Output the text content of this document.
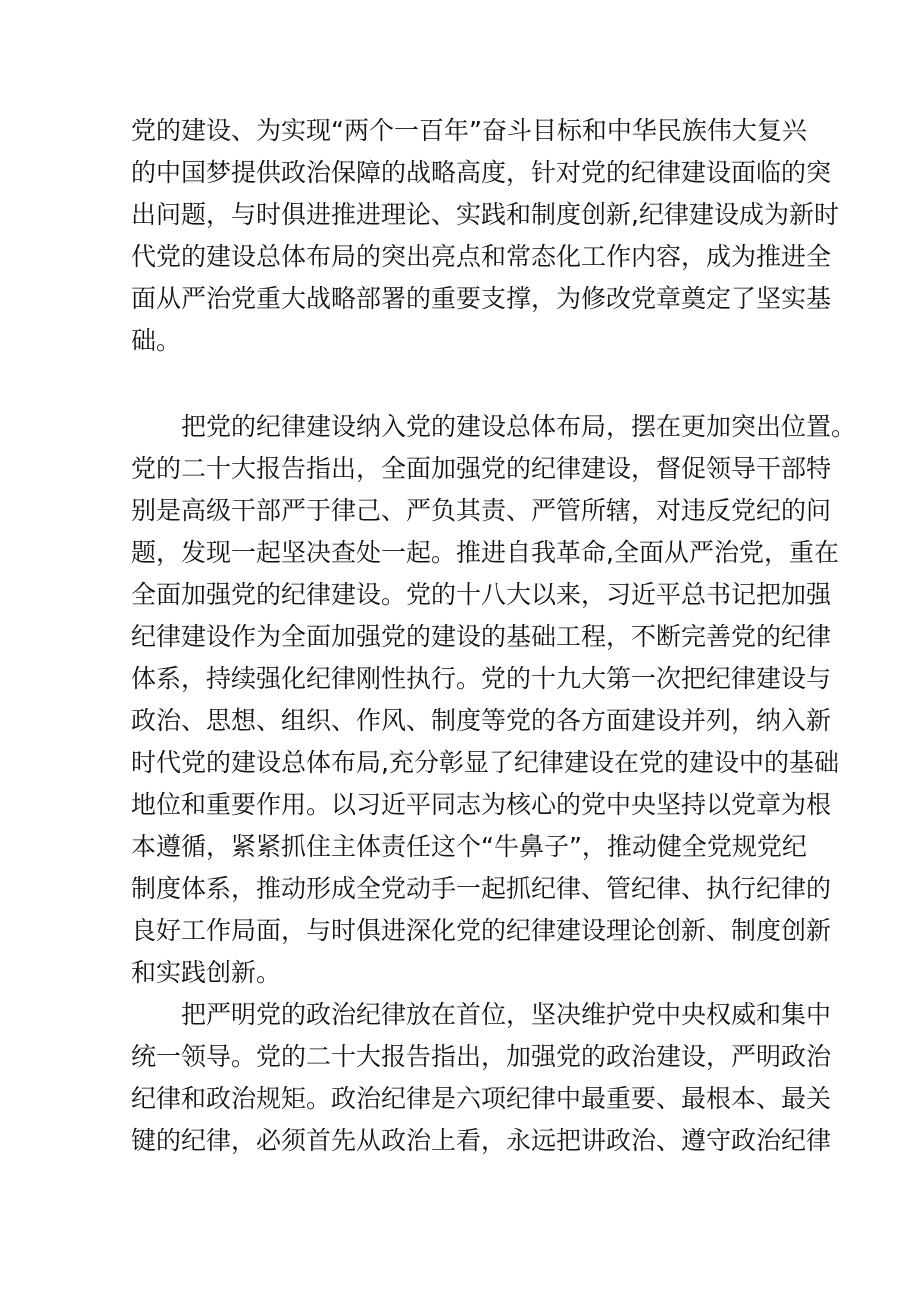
党的建设、为实现“两个一百年”奋斗目标和中华民族伟大复兴
的中国梦提供政治保障的战略高度，针对党的纪律建设面临的突
出问题，与时俱进推进理论、实践和制度创新,纪律建设成为新时
代党的建设总体布局的突出亮点和常态化工作内容，成为推进全
面从严治党重大战略部署的重要支撑，为修改党章奠定了坚实基
础。

把党的纪律建设纳入党的建设总体布局，摆在更加突出位置。
党的二十大报告指出，全面加强党的纪律建设，督促领导干部特
别是高级干部严于律己、严负其责、严管所辖，对违反党纪的问
题，发现一起坚决查处一起。推进自我革命,全面从严治党，重在
全面加强党的纪律建设。党的十八大以来，习近平总书记把加强
纪律建设作为全面加强党的建设的基础工程，不断完善党的纪律
体系，持续强化纪律刚性执行。党的十九大第一次把纪律建设与
政治、思想、组织、作风、制度等党的各方面建设并列，纳入新
时代党的建设总体布局,充分彰显了纪律建设在党的建设中的基础
地位和重要作用。以习近平同志为核心的党中央坚持以党章为根
本遵循，紧紧抓住主体责任这个“牛鼻子”，推动健全党规党纪
制度体系，推动形成全党动手一起抓纪律、管纪律、执行纪律的
良好工作局面，与时俱进深化党的纪律建设理论创新、制度创新
和实践创新。

把严明党的政治纪律放在首位，坚决维护党中央权威和集中
统一领导。党的二十大报告指出，加强党的政治建设，严明政治
纪律和政治规矩。政治纪律是六项纪律中最重要、最根本、最关
键的纪律，必须首先从政治上看，永远把讲政治、遵守政治纪律
